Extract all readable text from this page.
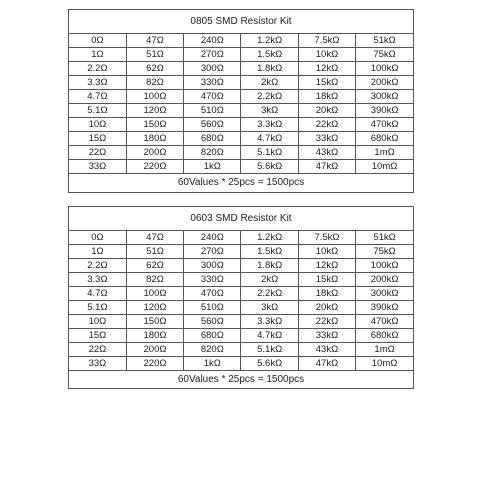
0805 SMD Resistor Kit
0Ω	47Ω	240Ω	1.2kΩ	7.5kΩ	51kΩ
1Ω	51Ω	270Ω	1.5kΩ	10kΩ	75kΩ
2.2Ω	62Ω	300Ω	1.8kΩ	12kΩ	100kΩ
3.3Ω	82Ω	330Ω	2kΩ	15kΩ	200kΩ
4.7Ω	100Ω	470Ω	2.2kΩ	18kΩ	300kΩ
5.1Ω	120Ω	510Ω	3kΩ	20kΩ	390kΩ
10Ω	150Ω	560Ω	3.3kΩ	22kΩ	470kΩ
15Ω	180Ω	680Ω	4.7kΩ	33kΩ	680kΩ
22Ω	200Ω	820Ω	5.1kΩ	43kΩ	1mΩ
33Ω	220Ω	1kΩ	5.6kΩ	47kΩ	10mΩ
60Values * 25pcs = 1500pcs
0603 SMD Resistor Kit
0Ω	47Ω	240Ω	1.2kΩ	7.5kΩ	51kΩ
1Ω	51Ω	270Ω	1.5kΩ	10kΩ	75kΩ
2.2Ω	62Ω	300Ω	1.8kΩ	12kΩ	100kΩ
3.3Ω	82Ω	330Ω	2kΩ	15kΩ	200kΩ
4.7Ω	100Ω	470Ω	2.2kΩ	18kΩ	300kΩ
5.1Ω	120Ω	510Ω	3kΩ	20kΩ	390kΩ
10Ω	150Ω	560Ω	3.3kΩ	22kΩ	470kΩ
15Ω	180Ω	680Ω	4.7kΩ	33kΩ	680kΩ
22Ω	200Ω	820Ω	5.1kΩ	43kΩ	1mΩ
33Ω	220Ω	1kΩ	5.6kΩ	47kΩ	10mΩ
60Values * 25pcs = 1500pcs
